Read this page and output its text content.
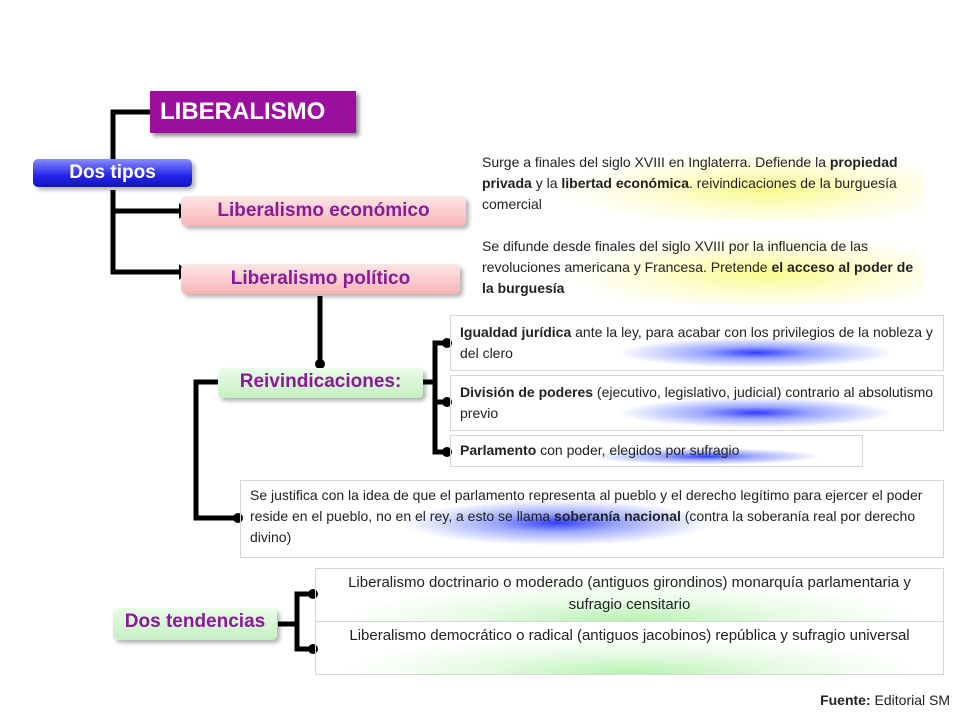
LIBERALISMO
Dos tipos
Liberalismo económico
Liberalismo político
Surge a finales del siglo XVIII en Inglaterra. Defiende la propiedad privada y la libertad económica. reivindicaciones de la burguesía comercial
Se difunde desde finales del siglo XVIII por la influencia de las revoluciones americana y Francesa. Pretende el acceso al poder de la burguesía
Reivindicaciones:
Igualdad jurídica ante la ley, para acabar con los privilegios de la nobleza y del clero
División de poderes (ejecutivo, legislativo, judicial) contrario al absolutismo previo
Parlamento con poder, elegidos por sufragio
Se justifica con la idea de que el parlamento representa al pueblo y el derecho legítimo para ejercer el poder reside en el pueblo, no en el rey, a esto se llama soberanía nacional (contra la soberanía real por derecho divino)
Dos tendencias
Liberalismo doctrinario o moderado (antiguos girondinos) monarquía parlamentaria y sufragio censitario
Liberalismo democrático o radical (antiguos jacobinos) república y sufragio universal
Fuente: Editorial SM
